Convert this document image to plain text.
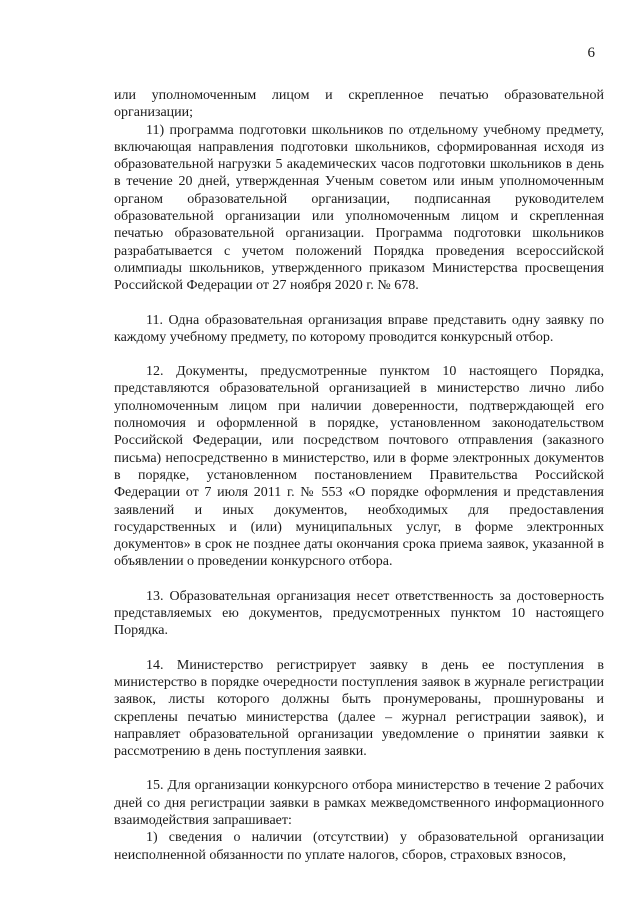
6

или уполномоченным лицом и скрепленное печатью образовательной организации;

11) программа подготовки школьников по отдельному учебному предмету, включающая направления подготовки школьников, сформированная исходя из образовательной нагрузки 5 академических часов подготовки школьников в день в течение 20 дней, утвержденная Ученым советом или иным уполномоченным органом образовательной организации, подписанная руководителем образовательной организации или уполномоченным лицом и скрепленная печатью образовательной организации. Программа подготовки школьников разрабатывается с учетом положений Порядка проведения всероссийской олимпиады школьников, утвержденного приказом Министерства просвещения Российской Федерации от 27 ноября 2020 г. № 678.

11. Одна образовательная организация вправе представить одну заявку по каждому учебному предмету, по которому проводится конкурсный отбор.

12. Документы, предусмотренные пунктом 10 настоящего Порядка, представляются образовательной организацией в министерство лично либо уполномоченным лицом при наличии доверенности, подтверждающей его полномочия и оформленной в порядке, установленном законодательством Российской Федерации, или посредством почтового отправления (заказного письма) непосредственно в министерство, или в форме электронных документов в порядке, установленном постановлением Правительства Российской Федерации от 7 июля 2011 г. № 553 «О порядке оформления и представления заявлений и иных документов, необходимых для предоставления государственных и (или) муниципальных услуг, в форме электронных документов» в срок не позднее даты окончания срока приема заявок, указанной в объявлении о проведении конкурсного отбора.

13. Образовательная организация несет ответственность за достоверность представляемых ею документов, предусмотренных пунктом 10 настоящего Порядка.

14. Министерство регистрирует заявку в день ее поступления в министерство в порядке очередности поступления заявок в журнале регистрации заявок, листы которого должны быть пронумерованы, прошнурованы и скреплены печатью министерства (далее – журнал регистрации заявок), и направляет образовательной организации уведомление о принятии заявки к рассмотрению в день поступления заявки.

15. Для организации конкурсного отбора министерство в течение 2 рабочих дней со дня регистрации заявки в рамках межведомственного информационного взаимодействия запрашивает:

1) сведения о наличии (отсутствии) у образовательной организации неисполненной обязанности по уплате налогов, сборов, страховых взносов,
